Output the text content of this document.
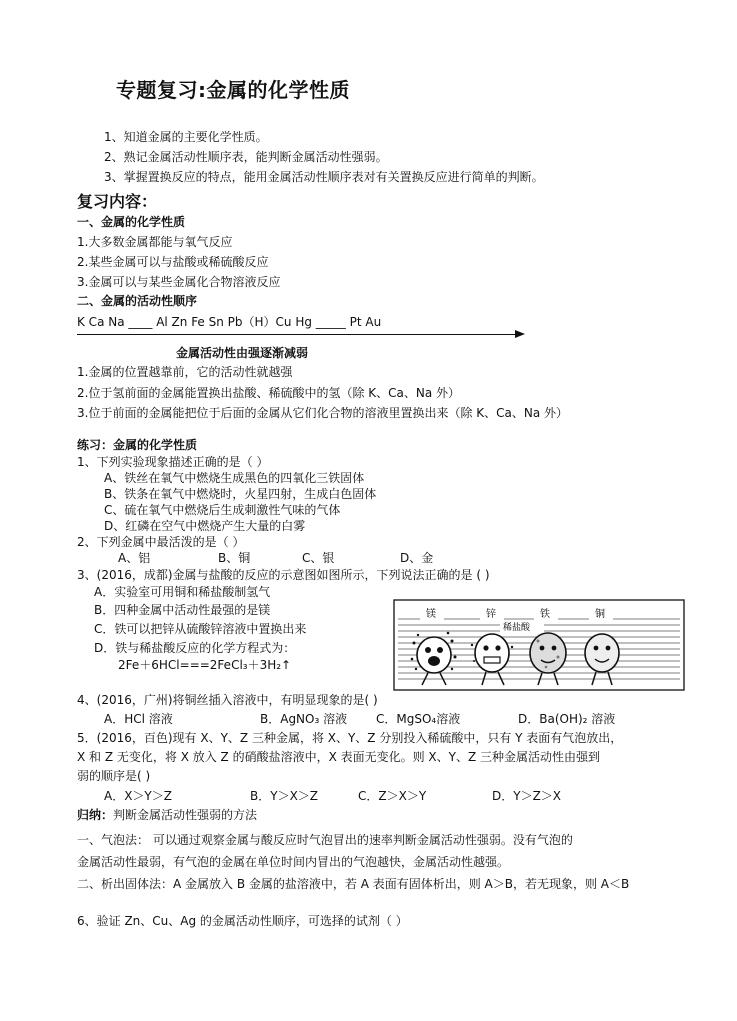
专题复习:金属的化学性质
1、知道金属的主要化学性质。
2、熟记金属活动性顺序表，能判断金属活动性强弱。
3、掌握置换反应的特点，能用金属活动性顺序表对有关置换反应进行简单的判断。
复习内容：
一、金属的化学性质
1.大多数金属都能与氧气反应
2.某些金属可以与盐酸或稀硫酸反应
3.金属可以与某些金属化合物溶液反应
二、金属的活动性顺序
K Ca Na ____ Al Zn Fe Sn Pb（H）Cu Hg _____ Pt Au
金属活动性由强逐渐减弱
1.金属的位置越靠前，它的活动性就越强
2.位于氢前面的金属能置换出盐酸、稀硫酸中的氢（除 K、Ca、Na 外）
3.位于前面的金属能把位于后面的金属从它们化合物的溶液里置换出来（除 K、Ca、Na 外）
练习：金属的化学性质
1、下列实验现象描述正确的是（ ）
A、铁丝在氧气中燃烧生成黑色的四氧化三铁固体
B、铁条在氧气中燃烧时，火星四射，生成白色固体
C、硫在氧气中燃烧后生成刺激性气味的气体
D、红磷在空气中燃烧产生大量的白雾
2、下列金属中最活泼的是（ ）
A、铝	B、铜	C、银	D、金
3、(2016，成都)金属与盐酸的反应的示意图如图所示，下列说法正确的是 ( )
A．实验室可用铜和稀盐酸制氢气
B．四种金属中活动性最强的是镁
C．铁可以把锌从硫酸锌溶液中置换出来
D．铁与稀盐酸反应的化学方程式为：
2Fe＋6HCl===2FeCl₃＋3H₂↑
镁	锌	铁	铜
稀盐酸
4、(2016，广州)将铜丝插入溶液中，有明显现象的是( )
A．HCl 溶液	B．AgNO₃ 溶液 C．MgSO₄溶液	D．Ba(OH)₂ 溶液
5．(2016，百色)现有 X、Y、Z 三种金属，将 X、Y、Z 分别投入稀硫酸中，只有 Y 表面有气泡放出，
X 和 Z 无变化，将 X 放入 Z 的硝酸盐溶液中，X 表面无变化。则 X、Y、Z 三种金属活动性由强到
弱的顺序是( )
A．X＞Y＞Z	B．Y＞X＞Z	C．Z＞X＞Y	D．Y＞Z＞X
归纳：判断金属活动性强弱的方法
一、气泡法： 可以通过观察金属与酸反应时气泡冒出的速率判断金属活动性强弱。没有气泡的
金属活动性最弱，有气泡的金属在单位时间内冒出的气泡越快，金属活动性越强。
二、析出固体法：A 金属放入 B 金属的盐溶液中，若 A 表面有固体析出，则 A＞B，若无现象，则 A＜B
6、验证 Zn、Cu、Ag 的金属活动性顺序，可选择的试剂（ ）
